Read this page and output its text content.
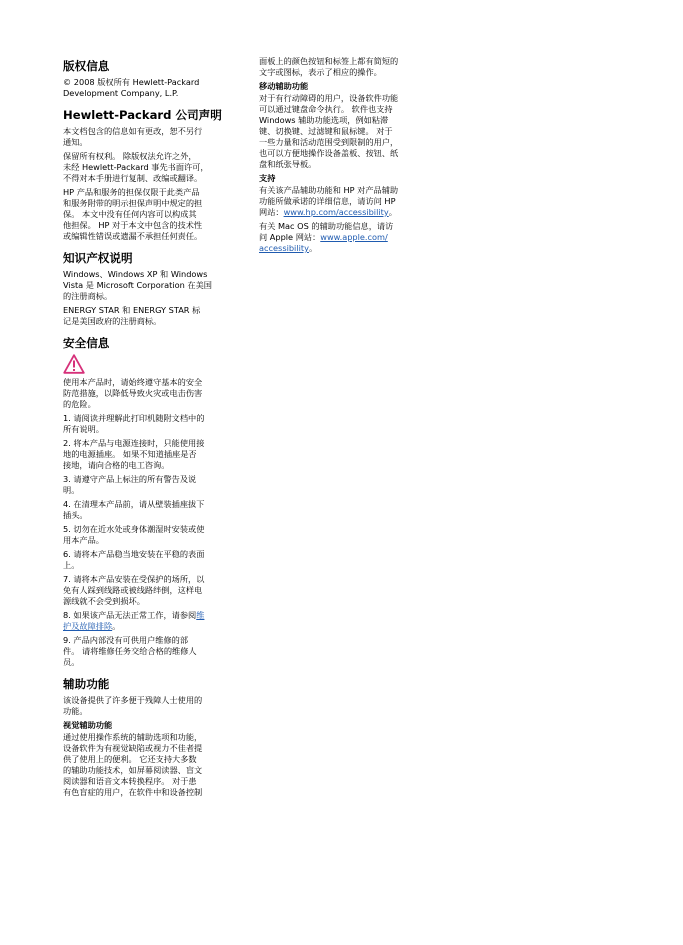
版权信息

© 2008 版权所有 Hewlett-Packard
Development Company, L.P.

Hewlett-Packard 公司声明

本文档包含的信息如有更改，恕不另行
通知。

保留所有权利。 除版权法允许之外，
未经 Hewlett-Packard 事先书面许可，
不得对本手册进行复制、改编或翻译。

HP 产品和服务的担保仅限于此类产品
和服务附带的明示担保声明中规定的担
保。 本文中没有任何内容可以构成其
他担保。 HP 对于本文中包含的技术性
或编辑性错误或遗漏不承担任何责任。

知识产权说明

Windows、Windows XP 和 Windows
Vista 是 Microsoft Corporation 在美国
的注册商标。

ENERGY STAR 和 ENERGY STAR 标
记是美国政府的注册商标。

安全信息

使用本产品时，请始终遵守基本的安全
防范措施，以降低导致火灾或电击伤害
的危险。

1. 请阅读并理解此打印机随附文档中的
所有说明。

2. 将本产品与电源连接时，只能使用接
地的电源插座。 如果不知道插座是否
接地，请向合格的电工咨询。

3. 请遵守产品上标注的所有警告及说
明。

4. 在清理本产品前，请从壁装插座拔下
插头。

5. 切勿在近水处或身体潮湿时安装或使
用本产品。

6. 请将本产品稳当地安装在平稳的表面
上。

7. 请将本产品安装在受保护的场所，以
免有人踩到线路或被线路绊倒，这样电
源线就不会受到损坏。

8. 如果该产品无法正常工作，请参阅维
护及故障排除。

9. 产品内部没有可供用户维修的部
件。 请将维修任务交给合格的维修人
员。

辅助功能

该设备提供了许多便于残障人士使用的
功能。

视觉辅助功能

通过使用操作系统的辅助选项和功能，
设备软件为有视觉缺陷或视力不佳者提
供了使用上的便利。 它还支持大多数
的辅助功能技术，如屏幕阅读器、盲文
阅读器和语音文本转换程序。 对于患
有色盲症的用户，在软件中和设备控制

面板上的颜色按钮和标签上都有简短的
文字或图标，表示了相应的操作。

移动辅助功能

对于有行动障碍的用户，设备软件功能
可以通过键盘命令执行。 软件也支持
Windows 辅助功能选项，例如粘滞
键、切换键、过滤键和鼠标键。 对于
一些力量和活动范围受到限制的用户，
也可以方便地操作设备盖板、按钮、纸
盘和纸张导板。

支持

有关该产品辅助功能和 HP 对产品辅助
功能所做承诺的详细信息，请访问 HP
网站：www.hp.com/accessibility。

有关 Mac OS 的辅助功能信息，请访
问 Apple 网站：www.apple.com/
accessibility。
